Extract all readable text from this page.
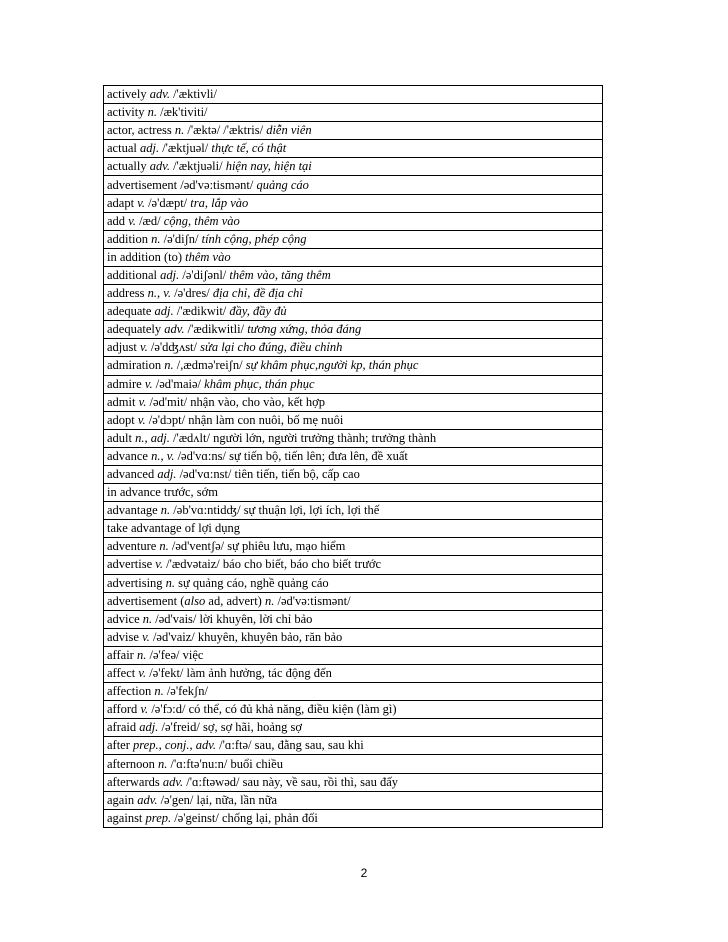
actively adv. /'æktivli/
activity n. /æk'tiviti/
actor, actress n. /'æktə/ /'æktris/ diễn viên
actual adj. /'æktjuəl/ thực tế, có thật
actually adv. /'æktjuəli/ hiện nay, hiện tại
advertisement /əd'və:tismənt/ quảng cáo
adapt v. /ə'dæpt/ tra, lắp vào
add v. /æd/ cộng, thêm vào
addition n. /ə'diʃn/ tính cộng, phép cộng
in addition (to) thêm vào
additional adj. /ə'diʃənl/ thêm vào, tăng thêm
address n., v. /ə'dres/ địa chỉ, đề địa chỉ
adequate adj. /'ædikwit/ đầy, đầy đủ
adequately adv. /'ædikwitli/ tương xứng, thỏa đáng
adjust v. /ə'dʤʌst/ sửa lại cho đúng, điều chỉnh
admiration n. /,ædmə'reiʃn/ sự khâm phục,người kp, thán phục
admire v. /əd'maiə/ khâm phục, thán phục
admit v. /əd'mit/ nhận vào, cho vào, kết hợp
adopt v. /ə'dɔpt/ nhận làm con nuôi, bố mẹ nuôi
adult n., adj. /'ædʌlt/ người lớn, người trưởng thành; trưởng thành
advance n., v. /əd'vɑ:ns/ sự tiến bộ, tiến lên; đưa lên, đề xuất
advanced adj. /əd'vɑ:nst/ tiên tiến, tiến bộ, cấp cao
in advance trước, sớm
advantage n. /əb'vɑ:ntidʤ/ sự thuận lợi, lợi ích, lợi thế
take advantage of lợi dụng
adventure n. /əd'ventʃə/ sự phiêu lưu, mạo hiểm
advertise v. /'ædvətaiz/ báo cho biết, báo cho biết trước
advertising n. sự quảng cáo, nghề quảng cáo
advertisement (also ad, advert) n. /əd'və:tismənt/
advice n. /əd'vais/ lời khuyên, lời chỉ bảo
advise v. /əd'vaiz/ khuyên, khuyên bảo, răn bảo
affair n. /ə'feə/ việc
affect v. /ə'fekt/ làm ảnh hưởng, tác động đến
affection n. /ə'fekʃn/
afford v. /ə'fɔ:d/ có thể, có đủ khả năng, điều kiện (làm gì)
afraid adj. /ə'freid/ sợ, sợ hãi, hoảng sợ
after prep., conj., adv. /'ɑ:ftə/ sau, đằng sau, sau khi
afternoon n. /'ɑ:ftə'nu:n/ buổi chiều
afterwards adv. /'ɑ:ftəwəd/ sau này, về sau, rồi thì, sau đấy
again adv. /ə'gen/ lại, nữa, lần nữa
against prep. /ə'geinst/ chống lại, phản đối
2
